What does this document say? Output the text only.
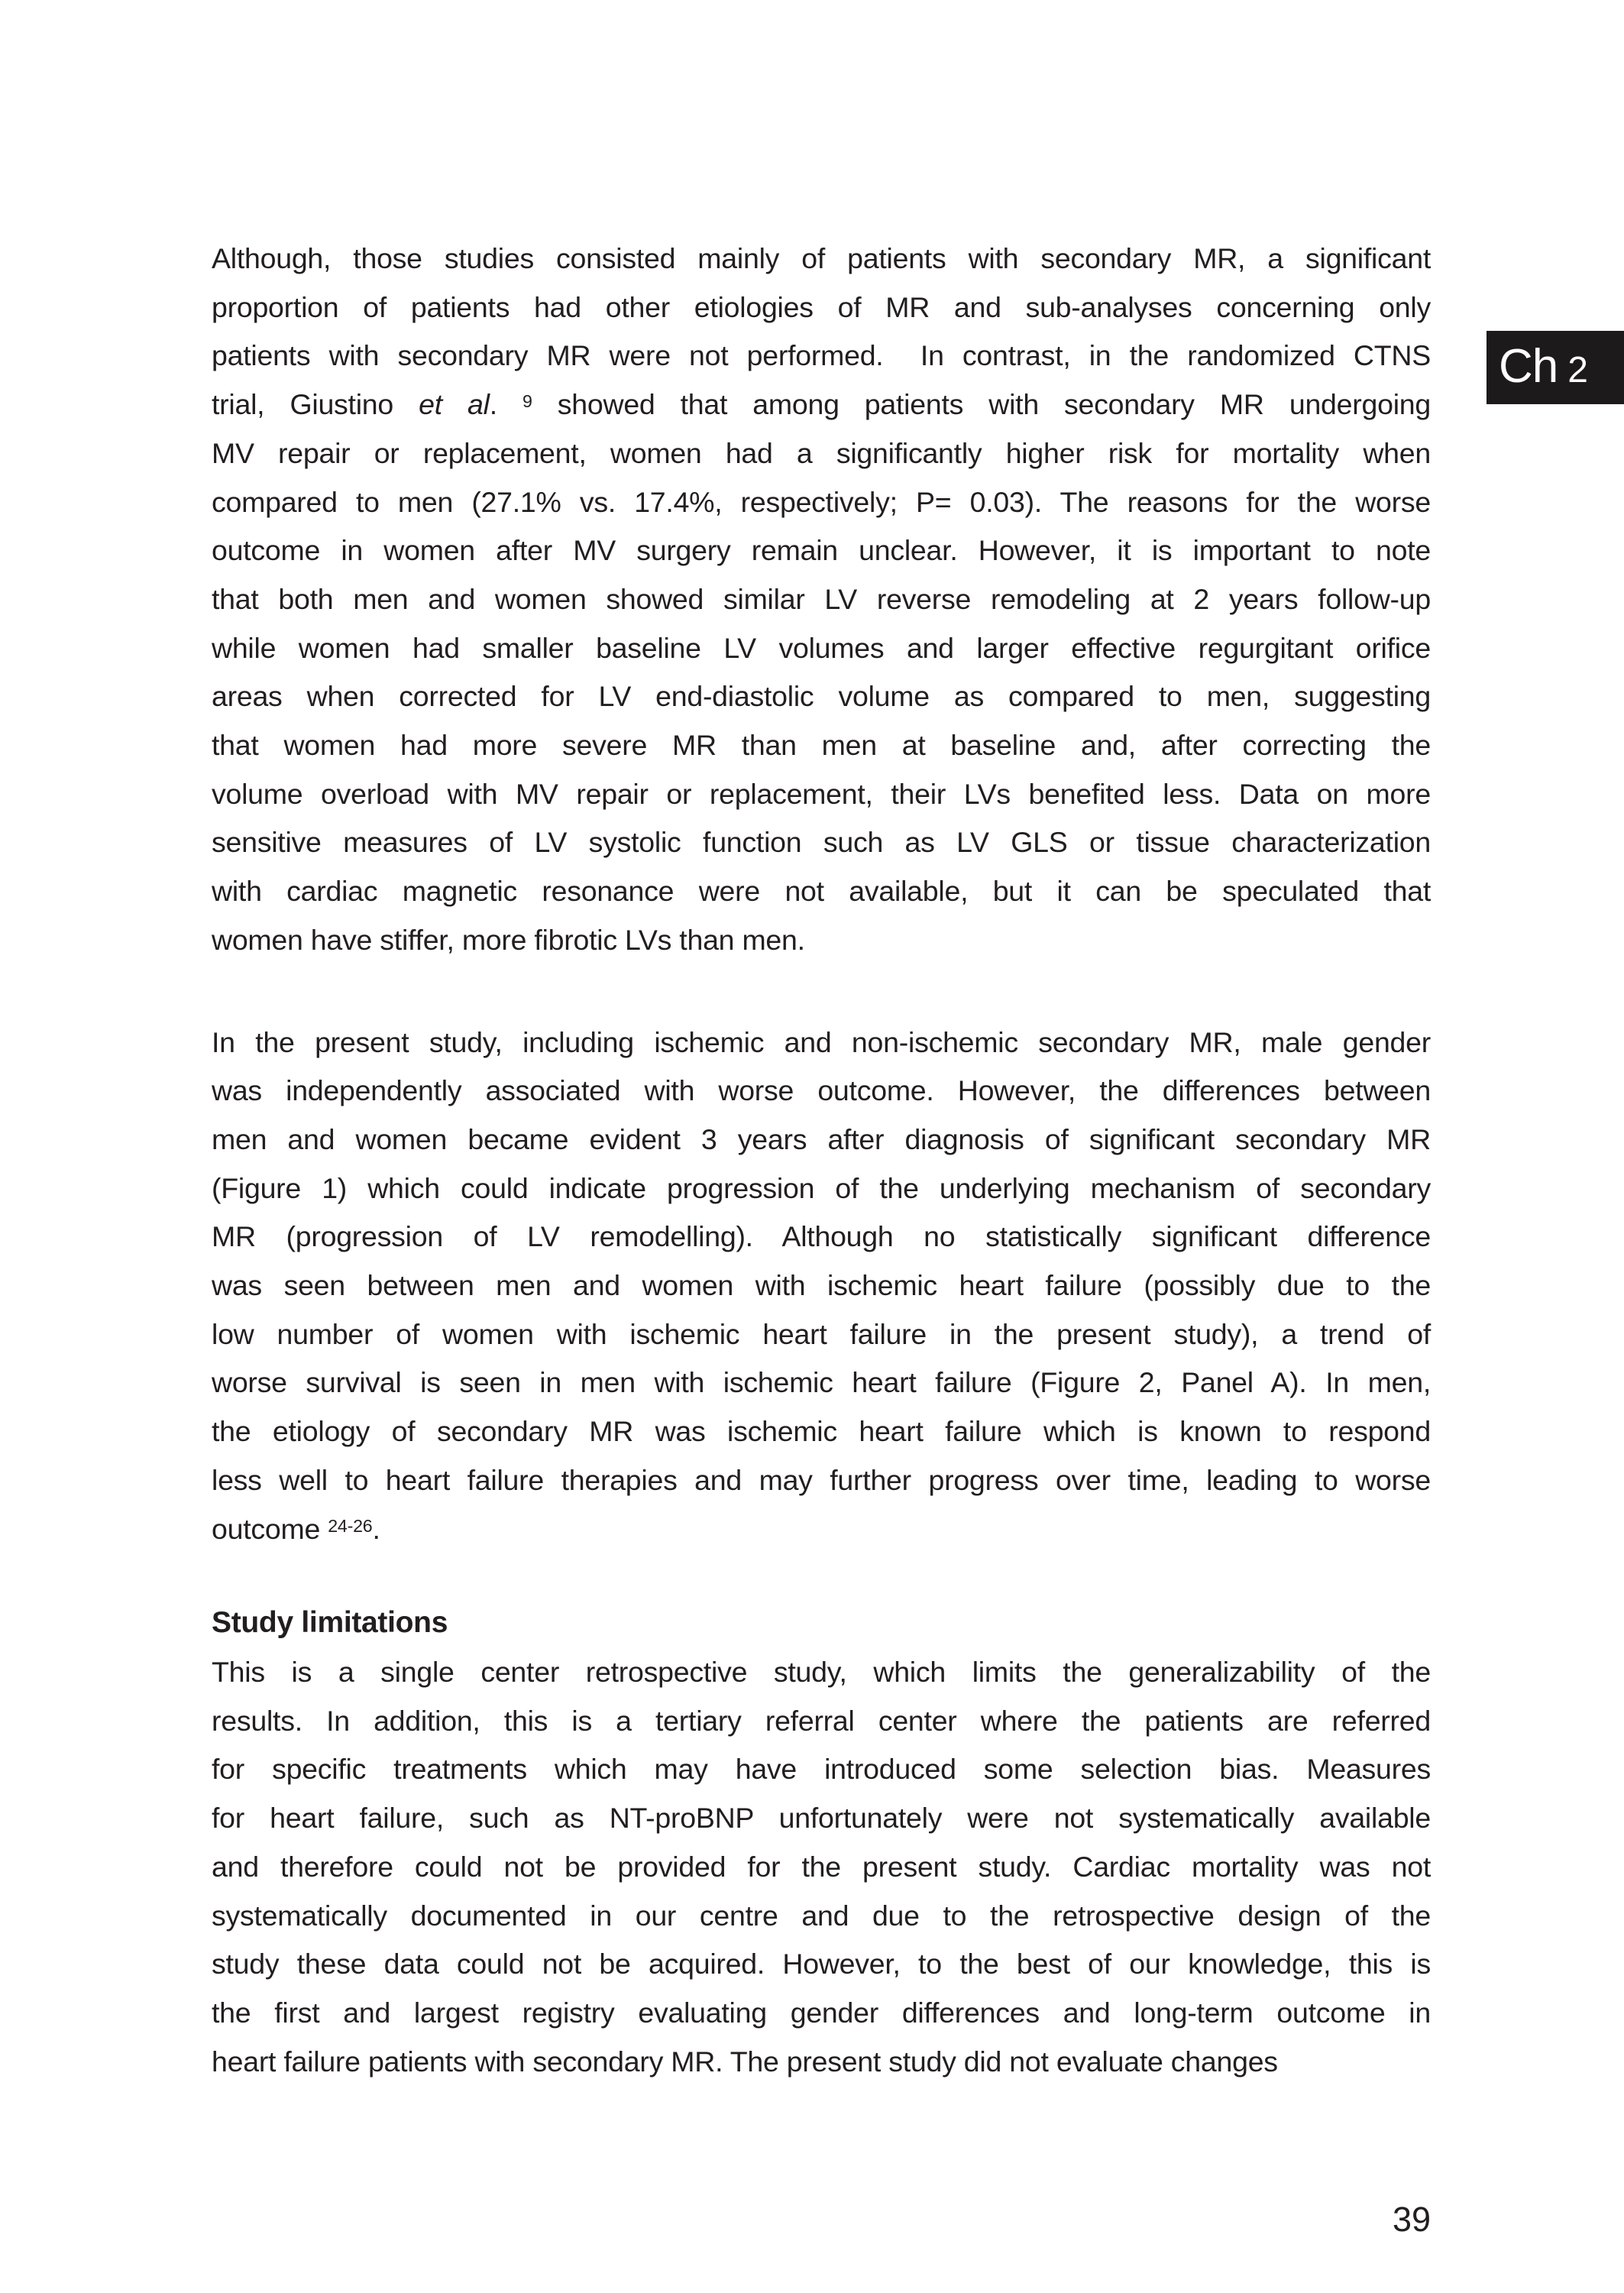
Ch 2
Although, those studies consisted mainly of patients with secondary MR, a significant
proportion of patients had other etiologies of MR and sub-analyses concerning only
patients with secondary MR were not performed.  In contrast, in the randomized CTNS
trial, Giustino et al. $^9$ showed that among patients with secondary MR undergoing
MV repair or replacement, women had a significantly higher risk for mortality when
compared to men (27.1% vs. 17.4%, respectively; P= 0.03). The reasons for the worse
outcome in women after MV surgery remain unclear. However, it is important to note
that both men and women showed similar LV reverse remodeling at 2 years follow-up
while women had smaller baseline LV volumes and larger effective regurgitant orifice
areas when corrected for LV end-diastolic volume as compared to men, suggesting
that women had more severe MR than men at baseline and, after correcting the
volume overload with MV repair or replacement, their LVs benefited less. Data on more
sensitive measures of LV systolic function such as LV GLS or tissue characterization
with cardiac magnetic resonance were not available, but it can be speculated that
women have stiffer, more fibrotic LVs than men.
In the present study, including ischemic and non-ischemic secondary MR, male gender
was independently associated with worse outcome. However, the differences between
men and women became evident 3 years after diagnosis of significant secondary MR
(Figure 1) which could indicate progression of the underlying mechanism of secondary
MR (progression of LV remodelling). Although no statistically significant difference
was seen between men and women with ischemic heart failure (possibly due to the
low number of women with ischemic heart failure in the present study), a trend of
worse survival is seen in men with ischemic heart failure (Figure 2, Panel A). In men,
the etiology of secondary MR was ischemic heart failure which is known to respond
less well to heart failure therapies and may further progress over time, leading to worse
outcome $^{24-26}$.
Study limitations
This is a single center retrospective study, which limits the generalizability of the
results. In addition, this is a tertiary referral center where the patients are referred
for specific treatments which may have introduced some selection bias. Measures
for heart failure, such as NT-proBNP unfortunately were not systematically available
and therefore could not be provided for the present study. Cardiac mortality was not
systematically documented in our centre and due to the retrospective design of the
study these data could not be acquired. However, to the best of our knowledge, this is
the first and largest registry evaluating gender differences and long-term outcome in
heart failure patients with secondary MR. The present study did not evaluate changes
39
